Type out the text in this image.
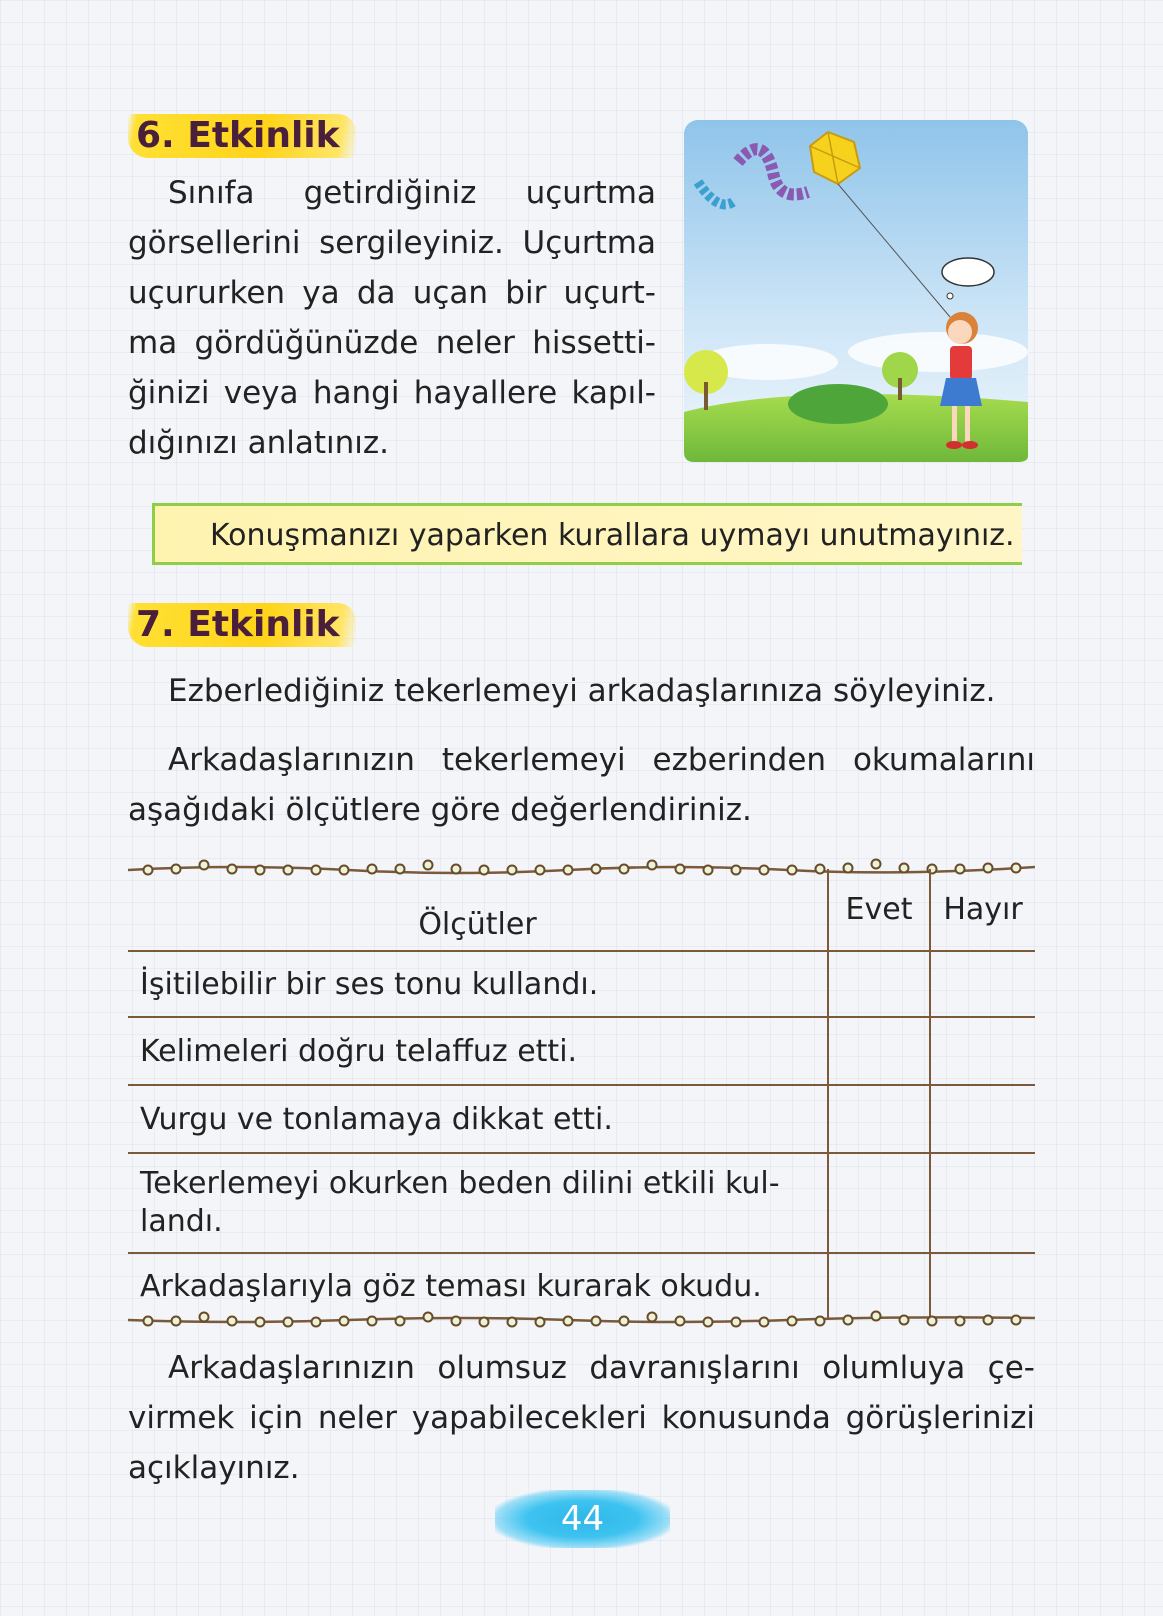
6. Etkinlik
Sınıfa getirdiğiniz uçurtma
görsellerini sergileyiniz. Uçurtma
uçururken ya da uçan bir uçurt-
ma gördüğünüzde neler hissetti-
ğinizi veya hangi hayallere kapıl-
dığınızı anlatınız.
Konuşmanızı yaparken kurallara uymayı unutmayınız.
7. Etkinlik
Ezberlediğiniz tekerlemeyi arkadaşlarınıza söyleyiniz.
Arkadaşlarınızın tekerlemeyi ezberinden okumalarını
aşağıdaki ölçütlere göre değerlendiriniz.
Ölçütler	Evet	Hayır
İşitilebilir bir ses tonu kullandı.		
Kelimeleri doğru telaffuz etti.		
Vurgu ve tonlamaya dikkat etti.		
Tekerlemeyi okurken beden dilini etkili kul-
landı.		
Arkadaşlarıyla göz teması kurarak okudu.		
Arkadaşlarınızın olumsuz davranışlarını olumluya çe-
virmek için neler yapabilecekleri konusunda görüşlerinizi
açıklayınız.
44
